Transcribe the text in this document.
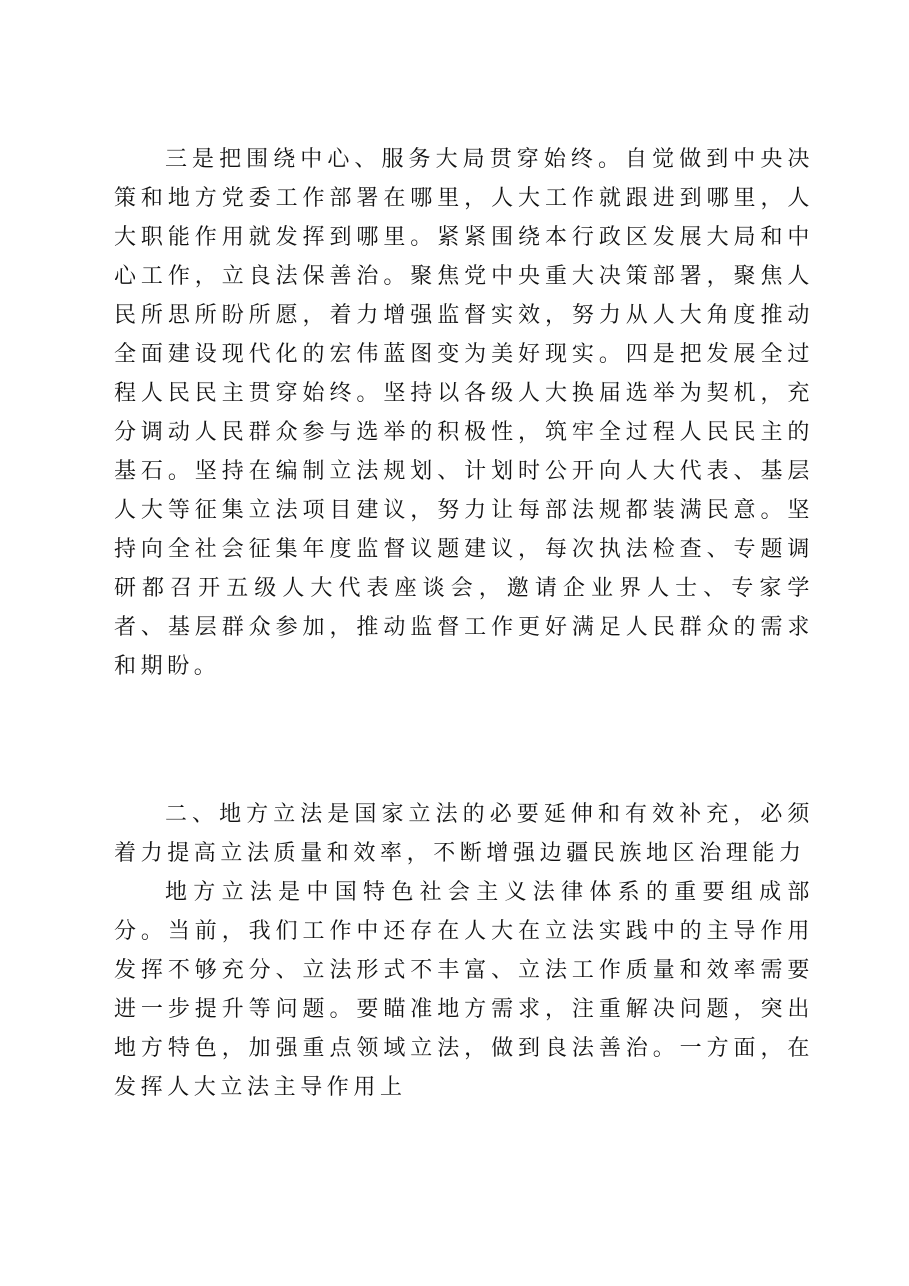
三是把围绕中心、服务大局贯穿始终。自觉做到中央决策和地方党委工作部署在哪里，人大工作就跟进到哪里，人大职能作用就发挥到哪里。紧紧围绕本行政区发展大局和中心工作，立良法保善治。聚焦党中央重大决策部署，聚焦人民所思所盼所愿，着力增强监督实效，努力从人大角度推动全面建设现代化的宏伟蓝图变为美好现实。四是把发展全过程人民民主贯穿始终。坚持以各级人大换届选举为契机，充分调动人民群众参与选举的积极性，筑牢全过程人民民主的基石。坚持在编制立法规划、计划时公开向人大代表、基层人大等征集立法项目建议，努力让每部法规都装满民意。坚持向全社会征集年度监督议题建议，每次执法检查、专题调研都召开五级人大代表座谈会，邀请企业界人士、专家学者、基层群众参加，推动监督工作更好满足人民群众的需求和期盼。

二、地方立法是国家立法的必要延伸和有效补充，必须着力提高立法质量和效率，不断增强边疆民族地区治理能力

地方立法是中国特色社会主义法律体系的重要组成部分。当前，我们工作中还存在人大在立法实践中的主导作用发挥不够充分、立法形式不丰富、立法工作质量和效率需要进一步提升等问题。要瞄准地方需求，注重解决问题，突出地方特色，加强重点领域立法，做到良法善治。一方面，在发挥人大立法主导作用上
